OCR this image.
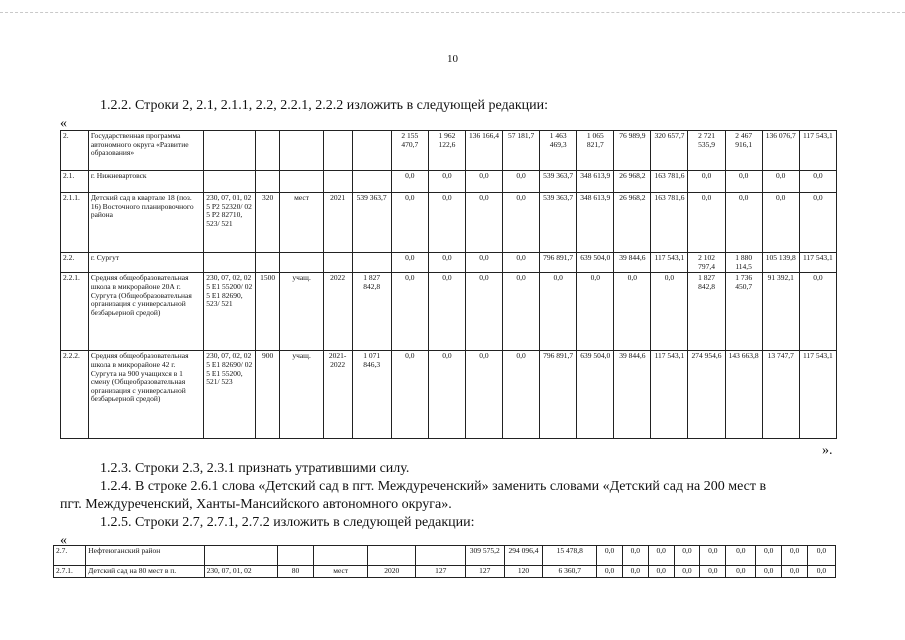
10
1.2.2. Строки 2, 2.1, 2.1.1, 2.2, 2.2.1, 2.2.2 изложить в следующей редакции:
«
2.	Государственная программа автономного округа «Развитие образования»						2 155 470,7	1 962 122,6	136 166,4	57 181,7	1 463 469,3	1 065 821,7	76 989,9	320 657,7	2 721 535,9	2 467 916,1	136 076,7	117 543,1
2.1.	г. Нижневартовск						0,0	0,0	0,0	0,0	539 363,7	348 613,9	26 968,2	163 781,6	0,0	0,0	0,0	0,0
2.1.1.	Детский сад в квартале 18 (поз. 16) Восточного планировочного района	230, 07, 01, 02 5 P2 52320/ 02 5 P2 82710, 523/ 521	320	мест	2021	539 363,7	0,0	0,0	0,0	0,0	539 363,7	348 613,9	26 968,2	163 781,6	0,0	0,0	0,0	0,0
2.2.	г. Сургут						0,0	0,0	0,0	0,0	796 891,7	639 504,0	39 844,6	117 543,1	2 102 797,4	1 880 114,5	105 139,8	117 543,1
2.2.1.	Средняя общеобразовательная школа в микрорайоне 20А г. Сургута (Общеобразовательная организация с универсальной безбарьерной средой)	230, 07, 02, 02 5 E1 55200/ 02 5 E1 82690, 523/ 521	1500	учащ.	2022	1 827 842,8	0,0	0,0	0,0	0,0	0,0	0,0	0,0	0,0	1 827 842,8	1 736 450,7	91 392,1	0,0
2.2.2.	Средняя общеобразовательная школа в микрорайоне 42 г. Сургута на 900 учащихся в 1 смену (Общеобразовательная организация с универсальной безбарьерной средой)	230, 07, 02, 02 5 E1 82690/ 02 5 E1 55200, 521/ 523	900	учащ.	2021-2022	1 071 846,3	0,0	0,0	0,0	0,0	796 891,7	639 504,0	39 844,6	117 543,1	274 954,6	143 663,8	13 747,7	117 543,1
».
1.2.3. Строки 2.3, 2.3.1 признать утратившими силу.
1.2.4. В строке 2.6.1 слова «Детский сад в пгт. Междуреченский» заменить словами «Детский сад на 200 мест в
пгт. Междуреченский, Ханты-Мансийского автономного округа».
1.2.5. Строки 2.7, 2.7.1, 2.7.2 изложить в следующей редакции:
«
2.7.	Нефтеюганский район						309 575,2	294 096,4	15 478,8	0,0	0,0	0,0	0,0	0,0	0,0	0,0	0,0	0,0
2.7.1.	Детский сад на 80 мест в п.	230, 07, 01, 02	80	мест	2020	127	127	120	6 360,7	0,0	0,0	0,0	0,0	0,0	0,0	0,0	0,0	0,0
